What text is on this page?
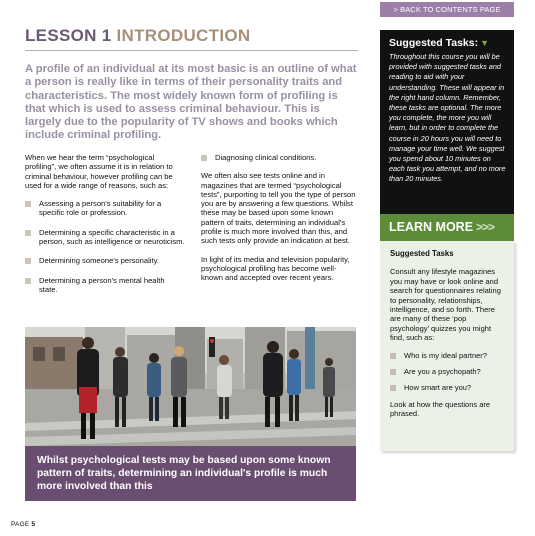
> BACK TO CONTENTS PAGE
LESSON 1 INTRODUCTION
A profile of an individual at its most basic is an outline of what a person is really like in terms of their personality traits and characteristics. The most widely known form of profiling is that which is used to assess criminal behaviour. This is largely due to the popularity of TV shows and books which include criminal profiling.

When we hear the term “psychological profiling”, we often assume it is in relation to criminal behaviour, however profiling can be used for a wide range of reasons, such as:

Assessing a person's suitability for a specific role or profession.
Determining a specific characteristic in a person, such as intelligence or neuroticism.
Determining someone's personality.
Determining a person's mental health state.
Diagnosing clinical conditions.

We often also see tests online and in magazines that are termed “psychological tests”, purporting to tell you the type of person you are by answering a few questions. Whilst these may be based upon some known pattern of traits, determining an individual's profile is much more involved than this, and such tests only provide an indication at best.

In light of its media and television popularity, psychological profiling has become well-known and accepted over recent years.

Whilst psychological tests may be based upon some known pattern of traits, determining an individual's profile is much more involved than this
Suggested Tasks: ▼
Throughout this course you will be provided with suggested tasks and reading to aid with your understanding. These will appear in the right hand column. Remember, these tasks are optional. The more you complete, the more you will learn, but in order to complete the course in 20 hours you will need to manage your time well. We suggest you spend about 10 minutes on each task you attempt, and no more than 20 minutes.
LEARN MORE >>>
Suggested Tasks
Consult any lifestyle magazines you may have or look online and search for questionnaires relating to personality, relationships, intelligence, and so forth. There are many of these ‘pop psychology’ quizzes you might find, such as:
Who is my ideal partner?
Are you a psychopath?
How smart are you?
Look at how the questions are phrased.
PAGE 5
